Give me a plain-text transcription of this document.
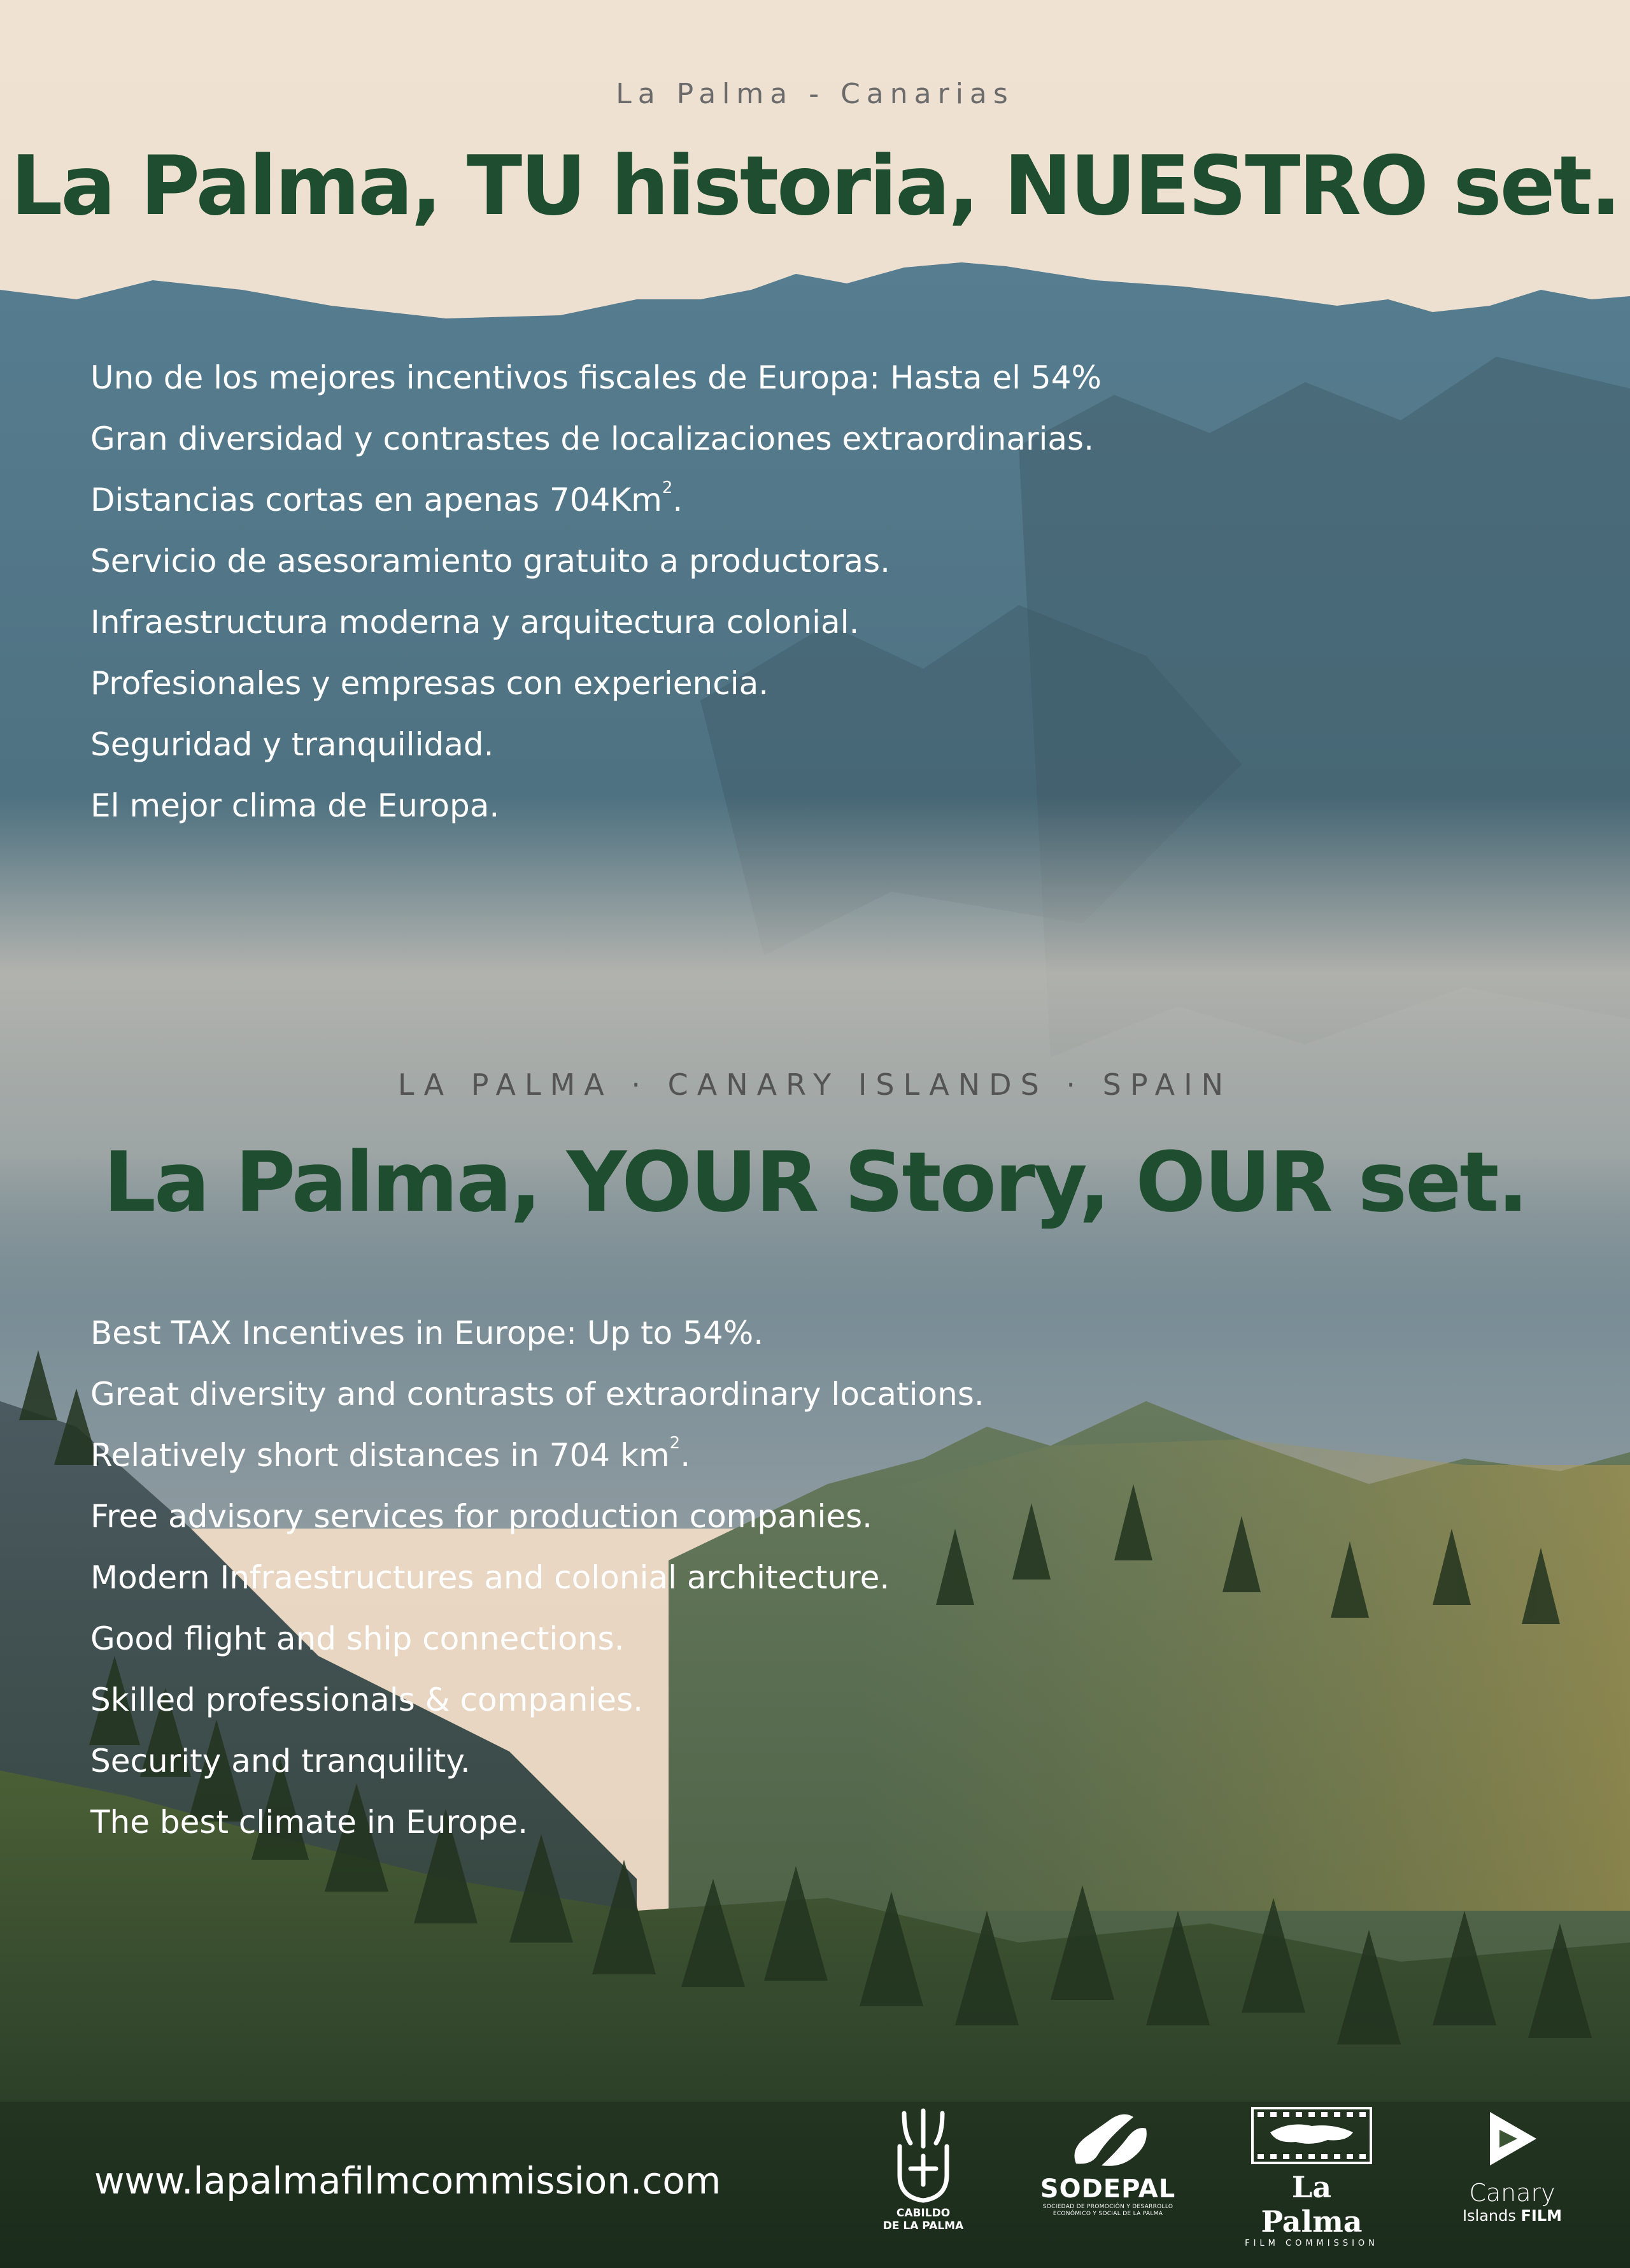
La Palma - Canarias
La Palma, TU historia, NUESTRO set.
Uno de los mejores incentivos fiscales de Europa: Hasta el 54%
Gran diversidad y contrastes de localizaciones extraordinarias.
Distancias cortas en apenas 704Km$^2$.
Servicio de asesoramiento gratuito a productoras.
Infraestructura moderna y arquitectura colonial.
Profesionales y empresas con experiencia.
Seguridad y tranquilidad.
El mejor clima de Europa.
LA PALMA · CANARY ISLANDS · SPAIN
La Palma, YOUR Story, OUR set.
Best TAX Incentives in Europe: Up to 54%.
Great diversity and contrasts of extraordinary locations.
Relatively short distances in 704 $km^2$.
Free advisory services for production companies.
Modern Infraestructures and colonial architecture.
Good flight and ship connections.
Skilled professionals & companies.
Security and tranquility.
The best climate in Europe.
www.lapalmafilmcommission.com
CABILDO
DE LA PALMA
SODEPAL
SOCIEDAD DE PROMOCIÓN Y DESARROLLO
ECONÓMICO Y SOCIAL DE LA PALMA
La Palma
FILM COMMISSION
Canary
Islands FILM
